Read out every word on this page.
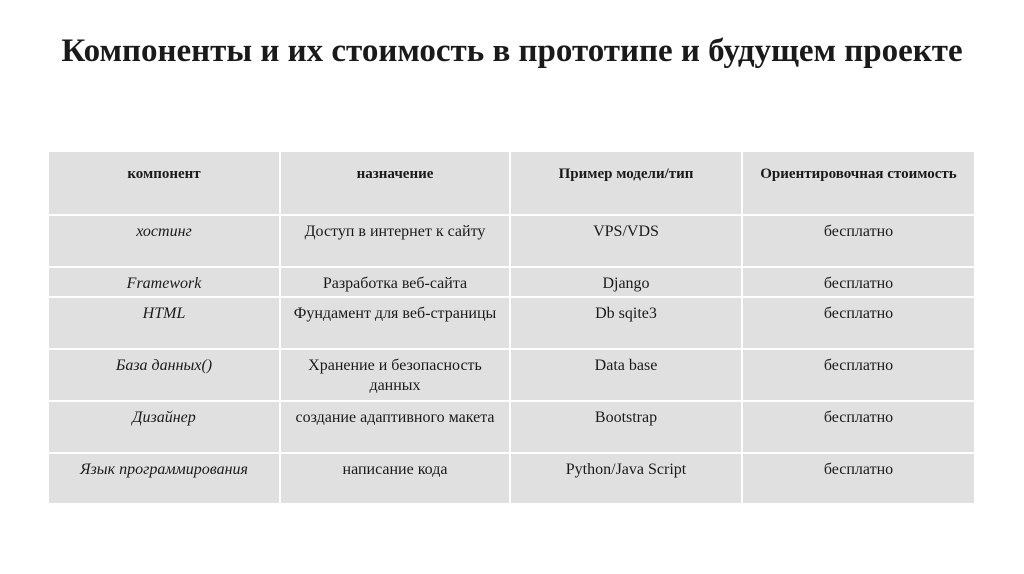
Компоненты и их стоимость в прототипе и будущем проекте
компонент	назначение	Пример модели/тип	Ориентировочная стоимость
хостинг	Доступ в интернет к сайту	VPS/VDS	бесплатно
Framework	Разработка веб-сайта	Django	бесплатно
HTML	Фундамент для веб-страницы	Db sqite3	бесплатно
База данных()	Хранение и безопасность данных	Data base	бесплатно
Дизайнер	создание адаптивного макета	Bootstrap	бесплатно
Язык программирования	написание кода	Python/Java Script	бесплатно
